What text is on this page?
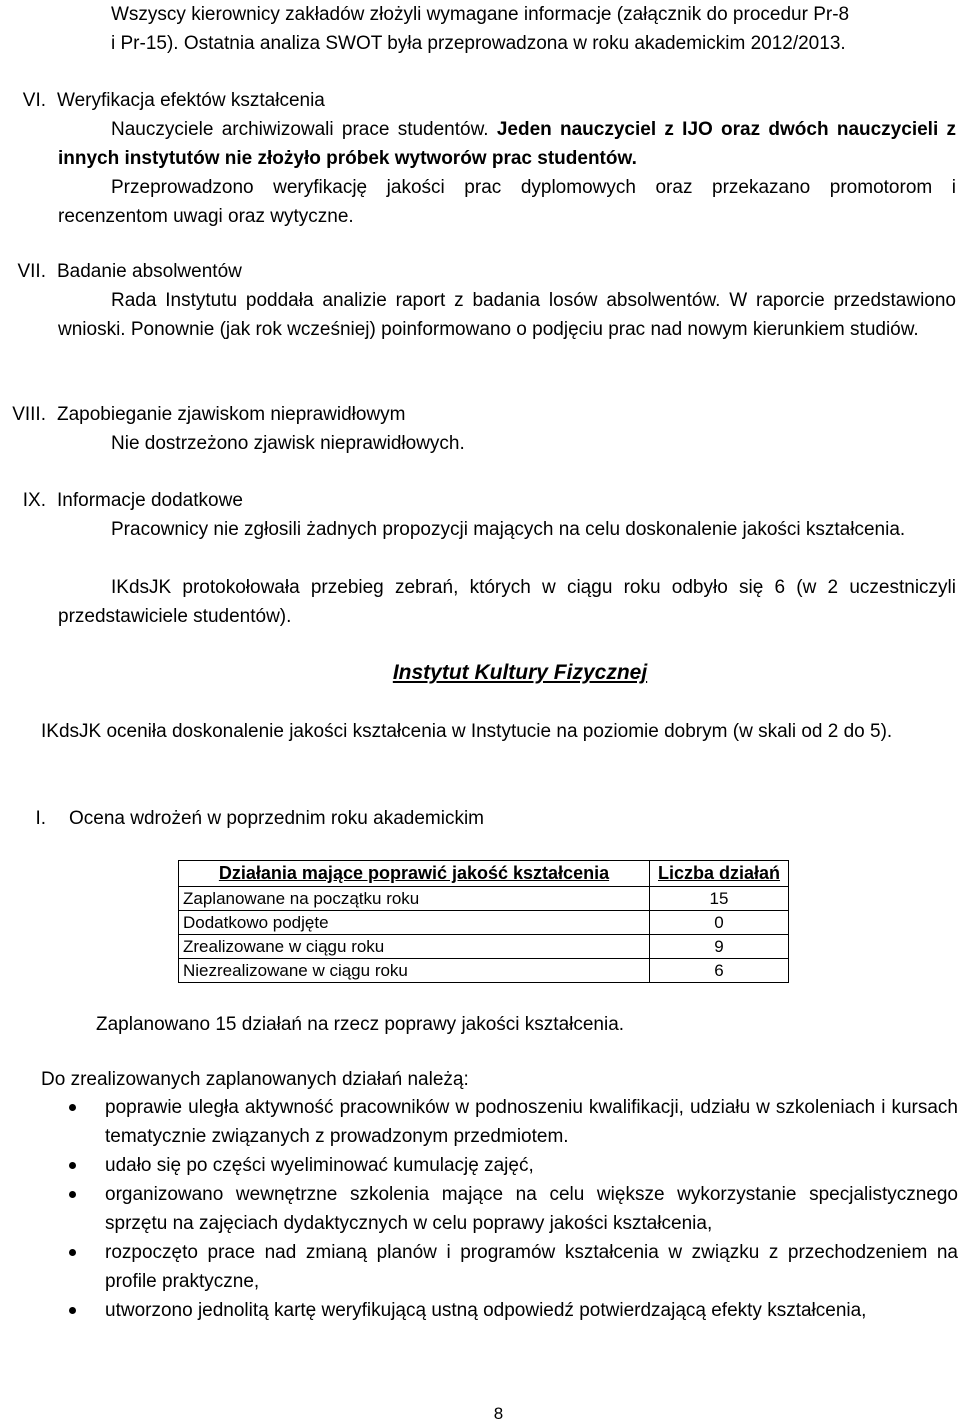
Wszyscy kierownicy zakładów złożyli wymagane informacje (załącznik do procedur Pr-8
i Pr-15). Ostatnia analiza SWOT była przeprowadzona w roku akademickim 2012/2013.
VI. Weryfikacja efektów kształcenia
Nauczyciele archiwizowali prace studentów. Jeden nauczyciel z IJO oraz dwóch nauczycieli z innych instytutów nie złożyło próbek wytworów prac studentów.
Przeprowadzono weryfikację jakości prac dyplomowych oraz przekazano promotorom i recenzentom uwagi oraz wytyczne.
VII. Badanie absolwentów
Rada Instytutu poddała analizie raport z badania losów absolwentów. W raporcie przedstawiono wnioski. Ponownie (jak rok wcześniej) poinformowano o podjęciu prac nad nowym kierunkiem studiów.
VIII. Zapobieganie zjawiskom nieprawidłowym
Nie dostrzeżono zjawisk nieprawidłowych.
IX. Informacje dodatkowe
Pracownicy nie zgłosili żadnych propozycji mających na celu doskonalenie jakości kształcenia.
IKdsJK protokołowała przebieg zebrań, których w ciągu roku odbyło się 6 (w 2 uczestniczyli przedstawiciele studentów).
Instytut Kultury Fizycznej
IKdsJK oceniła doskonalenie jakości kształcenia w Instytucie na poziomie dobrym (w skali od 2 do 5).
I. Ocena wdrożeń w poprzednim roku akademickim
Działania mające poprawić jakość kształcenia	Liczba działań
Zaplanowane na początku roku	15
Dodatkowo podjęte	0
Zrealizowane w ciągu roku	9
Niezrealizowane w ciągu roku	6
Zaplanowano 15 działań na rzecz poprawy jakości kształcenia.
Do zrealizowanych zaplanowanych działań należą:
poprawie uległa aktywność pracowników w podnoszeniu kwalifikacji, udziału w szkoleniach i kursach tematycznie związanych z prowadzonym przedmiotem.
udało się po części wyeliminować kumulację zajęć,
organizowano wewnętrzne szkolenia mające na celu większe wykorzystanie specjalistycznego sprzętu na zajęciach dydaktycznych w celu poprawy jakości kształcenia,
rozpoczęto prace nad zmianą planów i programów kształcenia w związku z przechodzeniem na profile praktyczne,
utworzono jednolitą kartę weryfikującą ustną odpowiedź potwierdzającą efekty kształcenia,
8
